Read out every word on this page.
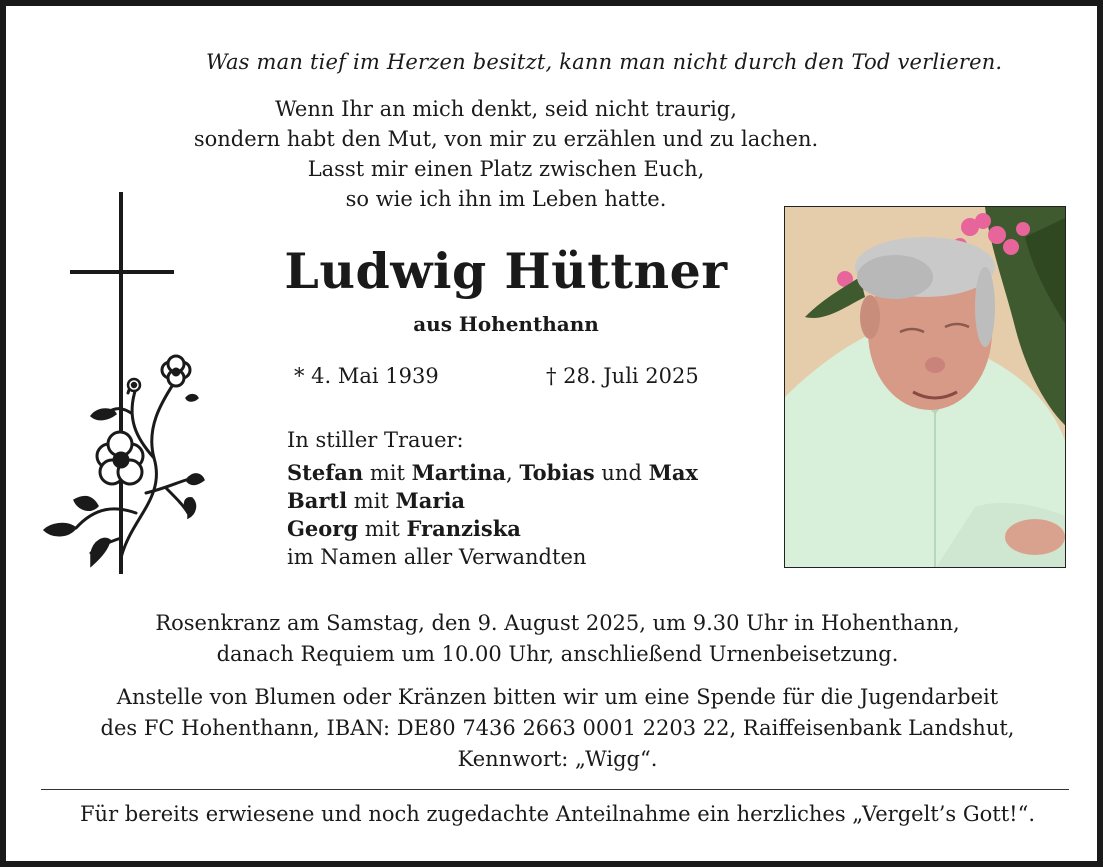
Was man tief im Herzen besitzt, kann man nicht durch den Tod verlieren.
Wenn Ihr an mich denkt, seid nicht traurig,
sondern habt den Mut, von mir zu erzählen und zu lachen.
Lasst mir einen Platz zwischen Euch,
so wie ich ihn im Leben hatte.
Ludwig Hüttner
aus Hohenthann
* 4. Mai 1939	† 28. Juli 2025
In stiller Trauer:
Stefan mit Martina, Tobias und Max
Bartl mit Maria
Georg mit Franziska
im Namen aller Verwandten
Rosenkranz am Samstag, den 9. August 2025, um 9.30 Uhr in Hohenthann,
danach Requiem um 10.00 Uhr, anschließend Urnenbeisetzung.
Anstelle von Blumen oder Kränzen bitten wir um eine Spende für die Jugendarbeit
des FC Hohenthann, IBAN: DE80 7436 2663 0001 2203 22, Raiffeisenbank Landshut,
Kennwort: „Wigg“.
Für bereits erwiesene und noch zugedachte Anteilnahme ein herzliches „Vergelt’s Gott!“.
